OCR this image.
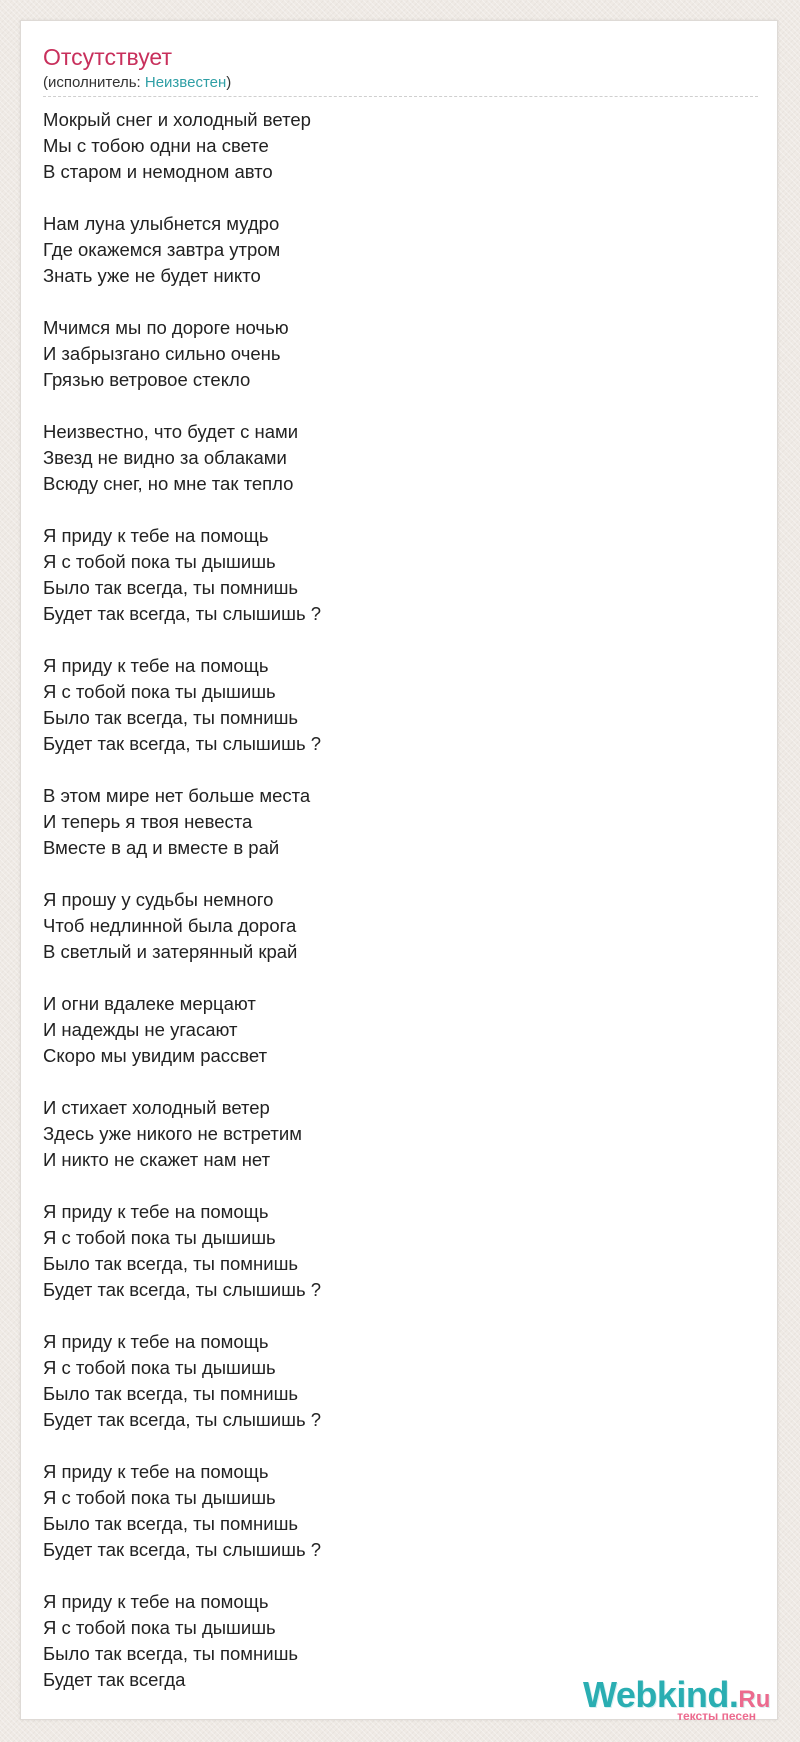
Отсутствует
(исполнитель: Неизвестен)
Мокрый снег и холодный ветер
Мы с тобою одни на свете
В старом и немодном авто
Нам луна улыбнется мудро
Где окажемся завтра утром
Знать уже не будет никто
Мчимся мы по дороге ночью
И забрызгано сильно очень
Грязью ветровое стекло
Неизвестно, что будет с нами
Звезд не видно за облаками
Всюду снег, но мне так тепло
Я приду к тебе на помощь
Я с тобой пока ты дышишь
Было так всегда, ты помнишь
Будет так всегда, ты слышишь ?
Я приду к тебе на помощь
Я с тобой пока ты дышишь
Было так всегда, ты помнишь
Будет так всегда, ты слышишь ?
В этом мире нет больше места
И теперь я твоя невеста
Вместе в ад и вместе в рай
Я прошу у судьбы немного
Чтоб недлинной была дорога
В светлый и затерянный край
И огни вдалеке мерцают
И надежды не угасают
Скоро мы увидим рассвет
И стихает холодный ветер
Здесь уже никого не встретим
И никто не скажет нам нет
Я приду к тебе на помощь
Я с тобой пока ты дышишь
Было так всегда, ты помнишь
Будет так всегда, ты слышишь ?
Я приду к тебе на помощь
Я с тобой пока ты дышишь
Было так всегда, ты помнишь
Будет так всегда, ты слышишь ?
Я приду к тебе на помощь
Я с тобой пока ты дышишь
Было так всегда, ты помнишь
Будет так всегда, ты слышишь ?
Я приду к тебе на помощь
Я с тобой пока ты дышишь
Было так всегда, ты помнишь
Будет так всегда	Webkind.Ru
тексты песен
